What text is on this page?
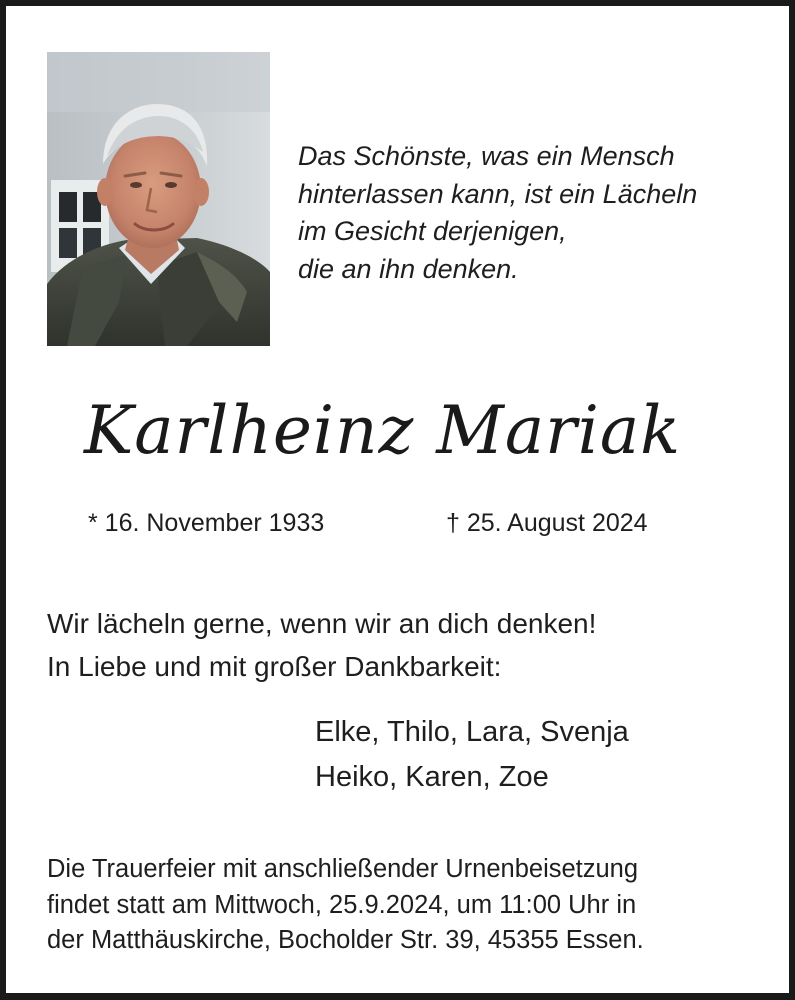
Das Schönste, was ein Mensch
hinterlassen kann, ist ein Lächeln
im Gesicht derjenigen,
die an ihn denken.
Karlheinz Mariak
* 16. November 1933	† 25. August 2024
Wir lächeln gerne, wenn wir an dich denken!
In Liebe und mit großer Dankbarkeit:
Elke, Thilo, Lara, Svenja
Heiko, Karen, Zoe
Die Trauerfeier mit anschließender Urnenbeisetzung
findet statt am Mittwoch, 25.9.2024, um 11:00 Uhr in
der Matthäuskirche, Bocholder Str. 39, 45355 Essen.
